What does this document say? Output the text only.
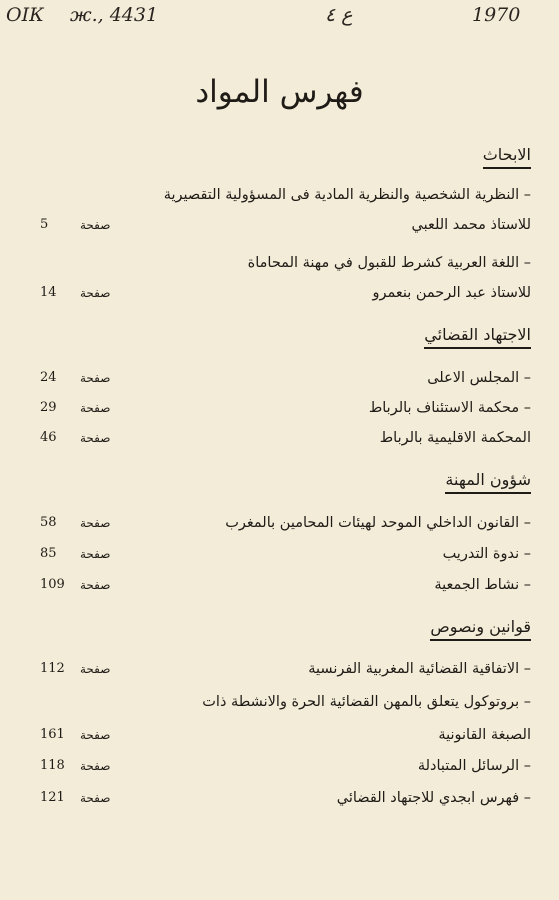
ОІК ж., 4431	ع ٤	1970
فهرس المواد
الابحاث
– النظرية الشخصية والنظرية المادية فى المسؤولية التقصيرية
للاستاذ محمد اللعبي
صفحة
5
– اللغة العربية كشرط للقبول في مهنة المحاماة
للاستاذ عبد الرحمن بنعمرو
صفحة
14
الاجتهاد القضائي
– المجلس الاعلى
صفحة
24
– محكمة الاستئناف بالرباط
صفحة
29
المحكمة الاقليمية بالرباط
صفحة
46
شؤون المهنة
– القانون الداخلي الموحد لهيئات المحامين بالمغرب
صفحة
58
– ندوة التدريب
صفحة
85
– نشاط الجمعية
صفحة
109
قوانين ونصوص
– الاتفاقية القضائية المغربية الفرنسية
صفحة
112
– بروتوكول يتعلق بالمهن القضائية الحرة والانشطة ذات
الصبغة القانونية
صفحة
161
– الرسائل المتبادلة
صفحة
118
– فهرس ابجدي للاجتهاد القضائي
صفحة
121
